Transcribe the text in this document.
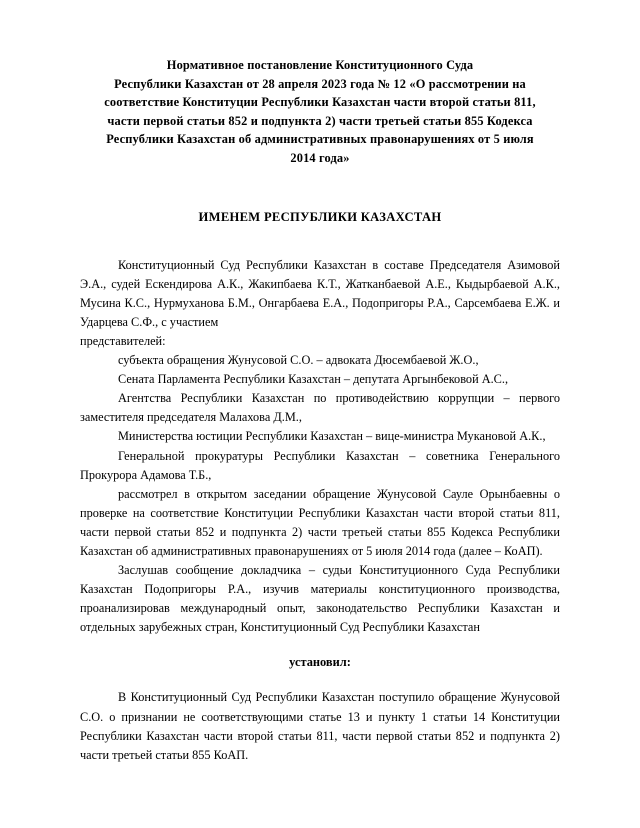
Нормативное постановление Конституционного Суда

Республики Казахстан от 28 апреля 2023 года № 12 «О рассмотрении на

соответствие Конституции Республики Казахстан части второй статьи 811,

части первой статьи 852 и подпункта 2) части третьей статьи 855 Кодекса

Республики Казахстан об административных правонарушениях от 5 июля

2014 года»

ИМЕНЕМ РЕСПУБЛИКИ КАЗАХСТАН

Конституционный Суд Республики Казахстан в составе Председателя Азимовой Э.А., судей Ескендирова А.К., Жакипбаева К.Т., Жатканбаевой А.Е., Кыдырбаевой А.К., Мусина К.С., Нурмуханова Б.М., Онгарбаева Е.А., Подопригоры Р.А., Сарсембаева Е.Ж. и Ударцева С.Ф., с участием

представителей:

субъекта обращения Жунусовой С.О. – адвоката Дюсембаевой Ж.О.,

Сената Парламента Республики Казахстан – депутата Аргынбековой А.С.,

Агентства Республики Казахстан по противодействию коррупции – первого заместителя председателя Малахова Д.М.,

Министерства юстиции Республики Казахстан – вице-министра Мукановой А.К.,

Генеральной прокуратуры Республики Казахстан – советника Генерального Прокурора Адамова Т.Б.,

рассмотрел в открытом заседании обращение Жунусовой Сауле Орынбаевны о проверке на соответствие Конституции Республики Казахстан части второй статьи 811, части первой статьи 852 и подпункта 2) части третьей статьи 855 Кодекса Республики Казахстан об административных правонарушениях от 5 июля 2014 года (далее – КоАП).

Заслушав сообщение докладчика – судьи Конституционного Суда Республики Казахстан Подопригоры Р.А., изучив материалы конституционного производства, проанализировав международный опыт, законодательство Республики Казахстан и отдельных зарубежных стран, Конституционный Суд Республики Казахстан

установил:

В Конституционный Суд Республики Казахстан поступило обращение Жунусовой С.О. о признании не соответствующими статье 13 и пункту 1 статьи 14 Конституции Республики Казахстан части второй статьи 811, части первой статьи 852 и подпункта 2) части третьей статьи 855 КоАП.
